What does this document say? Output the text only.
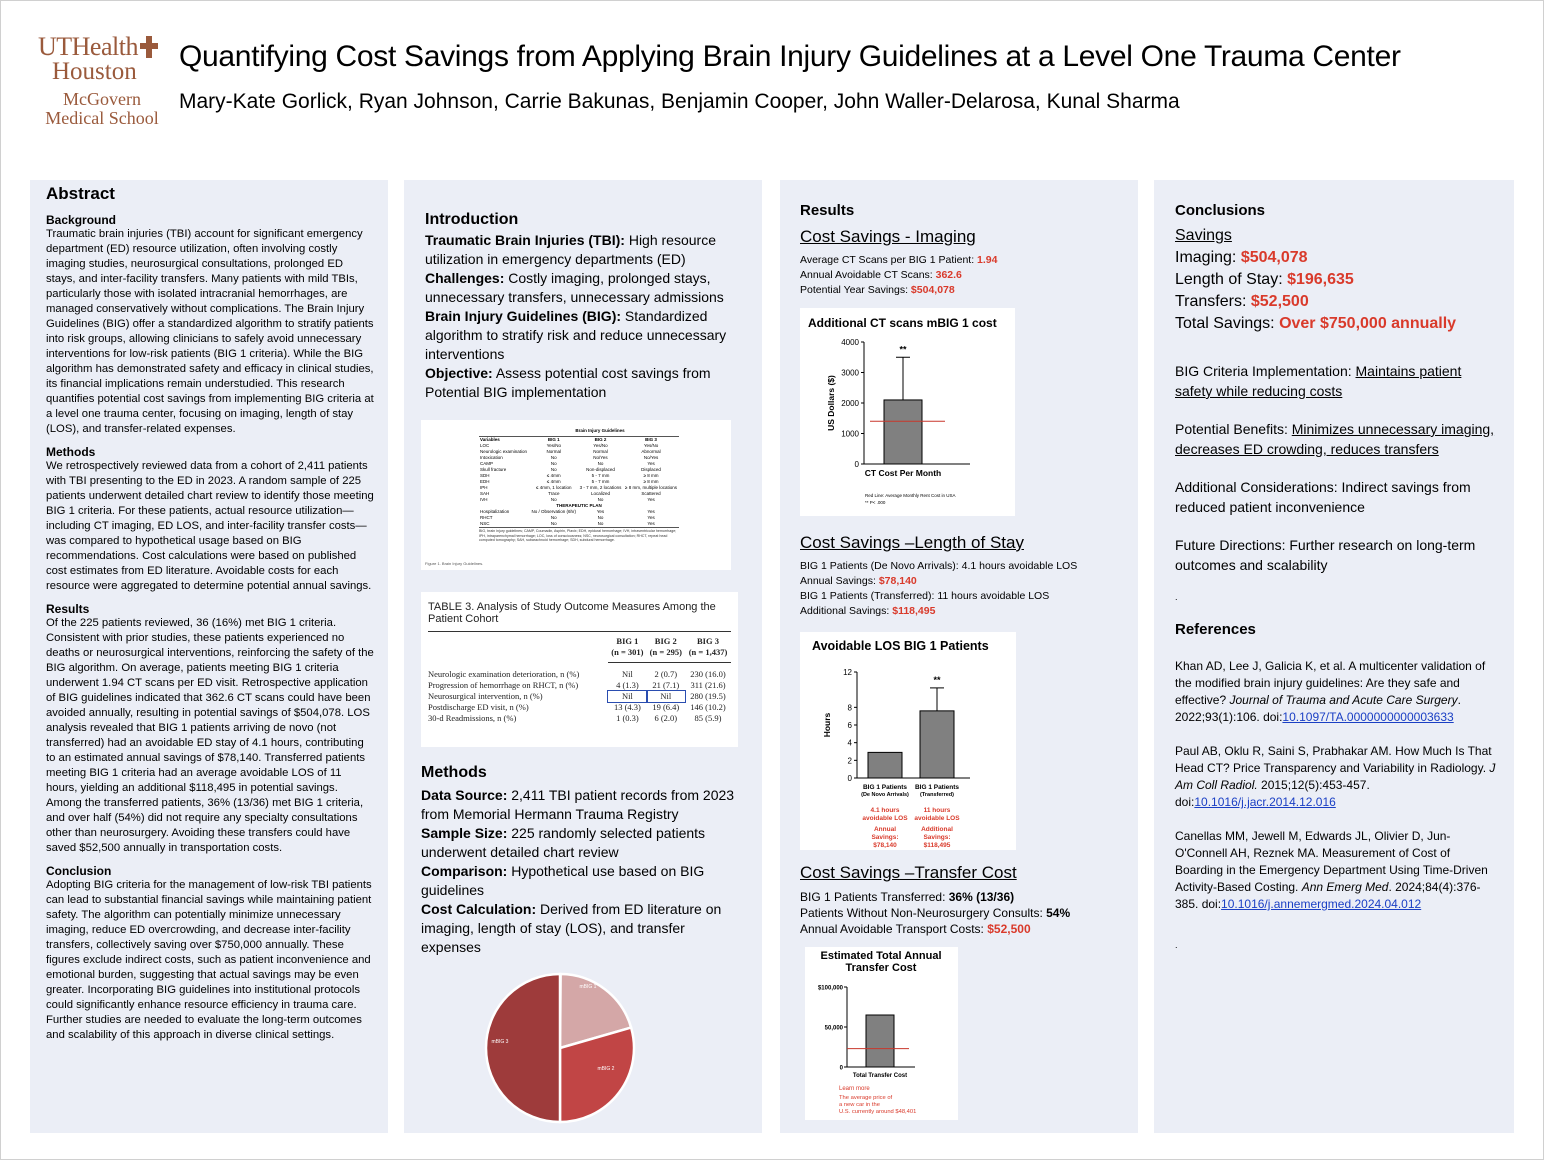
UTHealth
Houston
McGovern
Medical School
Quantifying Cost Savings from Applying Brain Injury Guidelines at a Level One Trauma Center
Mary-Kate Gorlick, Ryan Johnson, Carrie Bakunas, Benjamin Cooper, John Waller-Delarosa, Kunal Sharma
Abstract
Background

Traumatic brain injuries (TBI) account for significant emergency department (ED) resource utilization, often involving costly imaging studies, neurosurgical consultations, prolonged ED stays, and inter-facility transfers. Many patients with mild TBIs, particularly those with isolated intracranial hemorrhages, are managed conservatively without complications. The Brain Injury Guidelines (BIG) offer a standardized algorithm to stratify patients into risk groups, allowing clinicians to safely avoid unnecessary interventions for low-risk patients (BIG 1 criteria). While the BIG algorithm has demonstrated safety and efficacy in clinical studies, its financial implications remain understudied. This research quantifies potential cost savings from implementing BIG criteria at a level one trauma center, focusing on imaging, length of stay (LOS), and transfer-related expenses.

Methods

We retrospectively reviewed data from a cohort of 2,411 patients with TBI presenting to the ED in 2023. A random sample of 225 patients underwent detailed chart review to identify those meeting BIG 1 criteria. For these patients, actual resource utilization—including CT imaging, ED LOS, and inter-facility transfer costs—was compared to hypothetical usage based on BIG recommendations. Cost calculations were based on published cost estimates from ED literature. Avoidable costs for each resource were aggregated to determine potential annual savings.

Results

Of the 225 patients reviewed, 36 (16%) met BIG 1 criteria. Consistent with prior studies, these patients experienced no deaths or neurosurgical interventions, reinforcing the safety of the BIG algorithm. On average, patients meeting BIG 1 criteria underwent 1.94 CT scans per ED visit. Retrospective application of BIG guidelines indicated that 362.6 CT scans could have been avoided annually, resulting in potential savings of $504,078. LOS analysis revealed that BIG 1 patients arriving de novo (not transferred) had an avoidable ED stay of 4.1 hours, contributing to an estimated annual savings of $78,140. Transferred patients meeting BIG 1 criteria had an average avoidable LOS of 11 hours, yielding an additional $118,495 in potential savings. Among the transferred patients, 36% (13/36) met BIG 1 criteria, and over half (54%) did not require any specialty consultations other than neurosurgery. Avoiding these transfers could have saved $52,500 annually in transportation costs.

Conclusion

Adopting BIG criteria for the management of low-risk TBI patients can lead to substantial financial savings while maintaining patient safety. The algorithm can potentially minimize unnecessary imaging, reduce ED overcrowding, and decrease inter-facility transfers, collectively saving over $750,000 annually. These figures exclude indirect costs, such as patient inconvenience and emotional burden, suggesting that actual savings may be even greater. Incorporating BIG guidelines into institutional protocols could significantly enhance resource efficiency in trauma care. Further studies are needed to evaluate the long-term outcomes and scalability of this approach in diverse clinical settings.

Introduction

Traumatic Brain Injuries (TBI): High resource utilization in emergency departments (ED)

Challenges: Costly imaging, prolonged stays, unnecessary transfers, unnecessary admissions

Brain Injury Guidelines (BIG): Standardized algorithm to stratify risk and reduce unnecessary interventions

Objective: Assess potential cost savings from Potential BIG implementation

Brain Injury Guidelines
Variables	BIG 1	BIG 2	BIG 3
LOC	Yes/No	Yes/No	Yes/No
Neurologic examination	Normal	Normal	Abnormal
Intoxication	No	No/Yes	No/Yes
CAMP	No	No	Yes
Skull fracture	No	Non-displaced	Displaced
SDH	≤ 4mm	5 - 7 mm	≥ 8 mm
EDH	≤ 4mm	5 - 7 mm	≥ 8 mm
IPH	≤ 4mm, 1 location	3 - 7 mm, 2 locations	≥ 8 mm, multiple locations
SAH	Trace	Localized	Scattered
IVH	No	No	Yes
THERAPEUTIC PLAN			
Hospitalization	No / Observation (6hr)	Yes	Yes
RHCT	No	No	Yes
NSC	No	No	Yes
BIG, brain injury guidelines; CAMP, Coumadin, Aspirin, Plavix; EDH, epidural hemorrhage; IVH, intraventricular hemorrhage; IPH, intraparenchymal hemorrhage; LOC, loss of consciousness; NSC, neurosurgical consultation; RHCT, repeat head computed tomography; SAH, subarachnoid hemorrhage; SDH, subdural hemorrhage.
Figure 1. Brain Injury Guidelines.
TABLE 3. Analysis of Study Outcome Measures Among the Patient Cohort
	BIG 1	BIG 2	BIG 3
	(n = 301)	(n = 295)	(n = 1,437)
Neurologic examination deterioration, n (%)	Nil	2 (0.7)	230 (16.0)
Progression of hemorrhage on RHCT, n (%)	4 (1.3)	21 (7.1)	311 (21.6)
Neurosurgical intervention, n (%)	Nil	Nil	280 (19.5)
Postdischarge ED visit, n (%)	13 (4.3)	19 (6.4)	146 (10.2)
30-d Readmissions, n (%)	1 (0.3)	6 (2.0)	85 (5.9)
Methods

Data Source: 2,411 TBI patient records from 2023 from Memorial Hermann Trauma Registry

Sample Size: 225 randomly selected patients underwent detailed chart review

Comparison: Hypothetical use based on BIG guidelines

Cost Calculation: Derived from ED literature on imaging, length of stay (LOS), and transfer expenses

mBIG 1
mBIG 2
mBIG 3
Results
Cost Savings - Imaging
Average CT Scans per BIG 1 Patient: 1.94
Annual Avoidable CT Scans: 362.6
Potential Year Savings: $504,078
Additional CT scans mBIG 1 cost
0
1000
2000
3000
4000
**
CT Cost Per Month
US Dollars ($)
Red Line: Average Monthly Rent Cost in USA
** P< .000
Cost Savings –Length of Stay
BIG 1 Patients (De Novo Arrivals): 4.1 hours avoidable LOS
Annual Savings: $78,140
BIG 1 Patients (Transferred): 11 hours avoidable LOS
Additional Savings: $118,495
Avoidable LOS BIG 1 Patients
0
2
4
6
8
12
Hours
BIG 1 Patients
(De Novo Arrivals)
**
BIG 1 Patients
(Transferred)
4.1 hours
avoidable LOS
Annual
Savings:
$78,140
11 hours
avoidable LOS
Additional
Savings:
$118,495
Cost Savings –Transfer Cost
BIG 1 Patients Transferred: 36% (13/36)
Patients Without Non-Neurosurgery Consults: 54%
Annual Avoidable Transport Costs: $52,500
Estimated Total Annual Transfer Cost
0
50,000
$100,000
Total Transfer Cost
Learn more
The average price of
a new car in the
U.S. currently around $48,401
Conclusions
Savings
Imaging: $504,078
Length of Stay: $196,635
Transfers: $52,500
Total Savings: Over $750,000 annually
BIG Criteria Implementation: Maintains patient safety while reducing costs
Potential Benefits: Minimizes unnecessary imaging, decreases ED crowding, reduces transfers
Additional Considerations: Indirect savings from reduced patient inconvenience
Future Directions: Further research on long-term outcomes and scalability
.
References
Khan AD, Lee J, Galicia K, et al. A multicenter validation of the modified brain injury guidelines: Are they safe and effective? Journal of Trauma and Acute Care Surgery. 2022;93(1):106. doi:10.1097/TA.0000000000003633
Paul AB, Oklu R, Saini S, Prabhakar AM. How Much Is That Head CT? Price Transparency and Variability in Radiology. J Am Coll Radiol. 2015;12(5):453-457. doi:10.1016/j.jacr.2014.12.016
Canellas MM, Jewell M, Edwards JL, Olivier D, Jun-O'Connell AH, Reznek MA. Measurement of Cost of Boarding in the Emergency Department Using Time-Driven Activity-Based Costing. Ann Emerg Med. 2024;84(4):376-385. doi:10.1016/j.annemergmed.2024.04.012
.
